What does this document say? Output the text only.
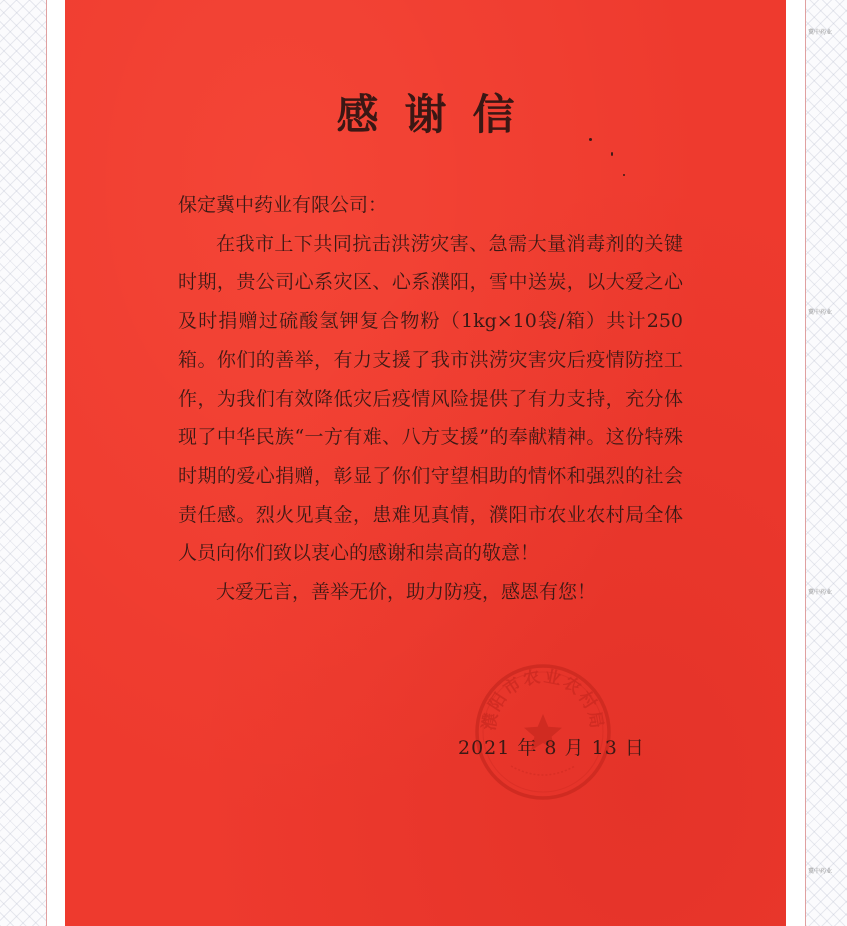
冀中药业
冀中药业
冀中药业
冀中药业
感谢信

保定冀中药业有限公司：

在我市上下共同抗击洪涝灾害、急需大量消毒剂的关键时期，贵公司心系灾区、心系濮阳，雪中送炭，以大爱之心及时捐赠过硫酸氢钾复合物粉（1kg×10袋/箱）共计250箱。你们的善举，有力支援了我市洪涝灾害灾后疫情防控工作，为我们有效降低灾后疫情风险提供了有力支持，充分体现了中华民族“一方有难、八方支援”的奉献精神。这份特殊时期的爱心捐赠，彰显了你们守望相助的情怀和强烈的社会责任感。烈火见真金，患难见真情，濮阳市农业农村局全体人员向你们致以衷心的感谢和崇高的敬意！

大爱无言，善举无价，助力防疫，感恩有您！

濮阳市农业农村局
2021 年 8 月 13 日
